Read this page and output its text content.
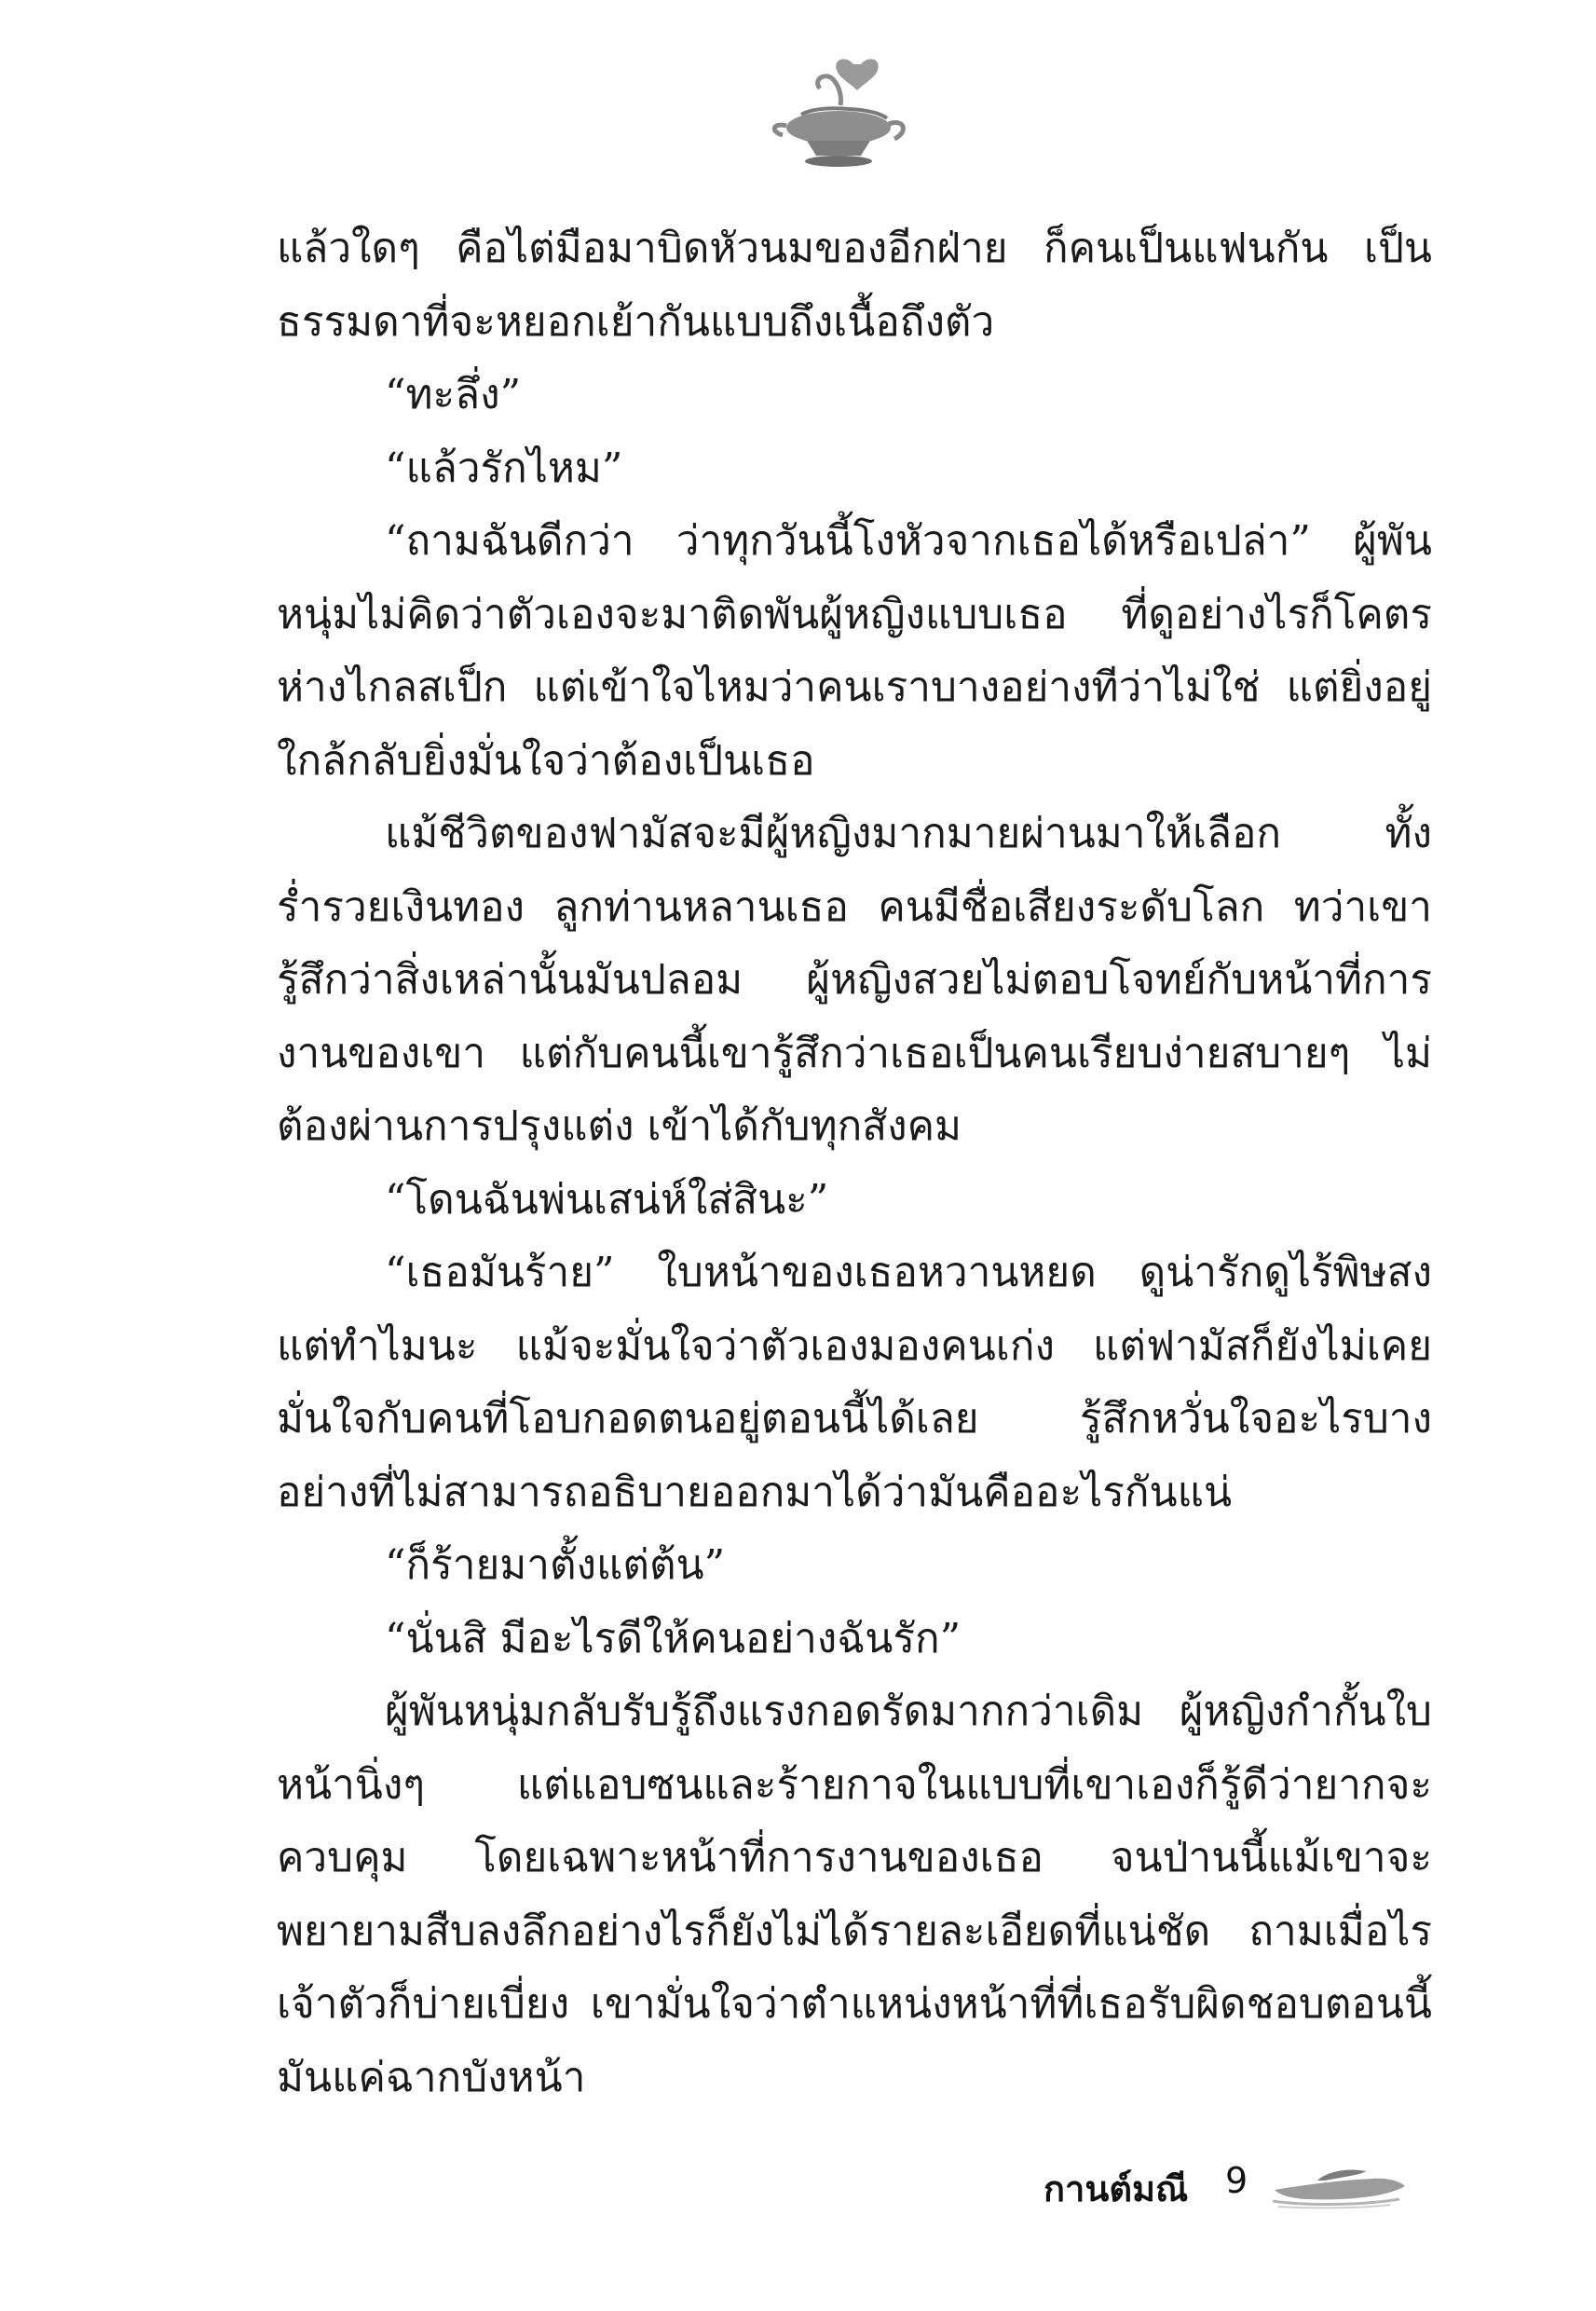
แล้วใดๆ คือไต่มือมาบิดหัวนมของอีกฝ่าย ก็คนเป็นแฟนกัน เป็นธรรมดาที่จะหยอกเย้ากันแบบถึงเนื้อถึงตัว

“ทะลึ่ง”

“แล้วรักไหม”

“ถามฉันดีกว่า ว่าทุกวันนี้โงหัวจากเธอได้หรือเปล่า” ผู้พันหนุ่มไม่คิดว่าตัวเองจะมาติดพันผู้หญิงแบบเธอ ที่ดูอย่างไรก็โคตรห่างไกลสเป็ก แต่เข้าใจไหมว่าคนเราบางอย่างทีว่าไม่ใช่ แต่ยิ่งอยู่ใกล้กลับยิ่งมั่นใจว่าต้องเป็นเธอ

แม้ชีวิตของฟามัสจะมีผู้หญิงมากมายผ่านมาให้เลือก ทั้งร่ำรวยเงินทอง ลูกท่านหลานเธอ คนมีชื่อเสียงระดับโลก ทว่าเขารู้สึกว่าสิ่งเหล่านั้นมันปลอม ผู้หญิงสวยไม่ตอบโจทย์กับหน้าที่การงานของเขา แต่กับคนนี้เขารู้สึกว่าเธอเป็นคนเรียบง่ายสบายๆ ไม่ต้องผ่านการปรุงแต่ง เข้าได้กับทุกสังคม

“โดนฉันพ่นเสน่ห์ใส่สินะ”

“เธอมันร้าย” ใบหน้าของเธอหวานหยด ดูน่ารักดูไร้พิษสง แต่ทำไมนะ แม้จะมั่นใจว่าตัวเองมองคนเก่ง แต่ฟามัสก็ยังไม่เคยมั่นใจกับคนที่โอบกอดตนอยู่ตอนนี้ได้เลย รู้สึกหวั่นใจอะไรบางอย่างที่ไม่สามารถอธิบายออกมาได้ว่ามันคืออะไรกันแน่

“ก็ร้ายมาตั้งแต่ต้น”

“นั่นสิ มีอะไรดีให้คนอย่างฉันรัก”

ผู้พันหนุ่มกลับรับรู้ถึงแรงกอดรัดมากกว่าเดิม ผู้หญิงกำกั้นใบหน้านิ่งๆ แต่แอบซนและร้ายกาจในแบบที่เขาเองก็รู้ดีว่ายากจะควบคุม โดยเฉพาะหน้าที่การงานของเธอ จนป่านนี้แม้เขาจะพยายามสืบลงลึกอย่างไรก็ยังไม่ได้รายละเอียดที่แน่ชัด ถามเมื่อไรเจ้าตัวก็บ่ายเบี่ยง เขามั่นใจว่าตำแหน่งหน้าที่ที่เธอรับผิดชอบตอนนี้มันแค่ฉากบังหน้า

กานต์มณี 9
